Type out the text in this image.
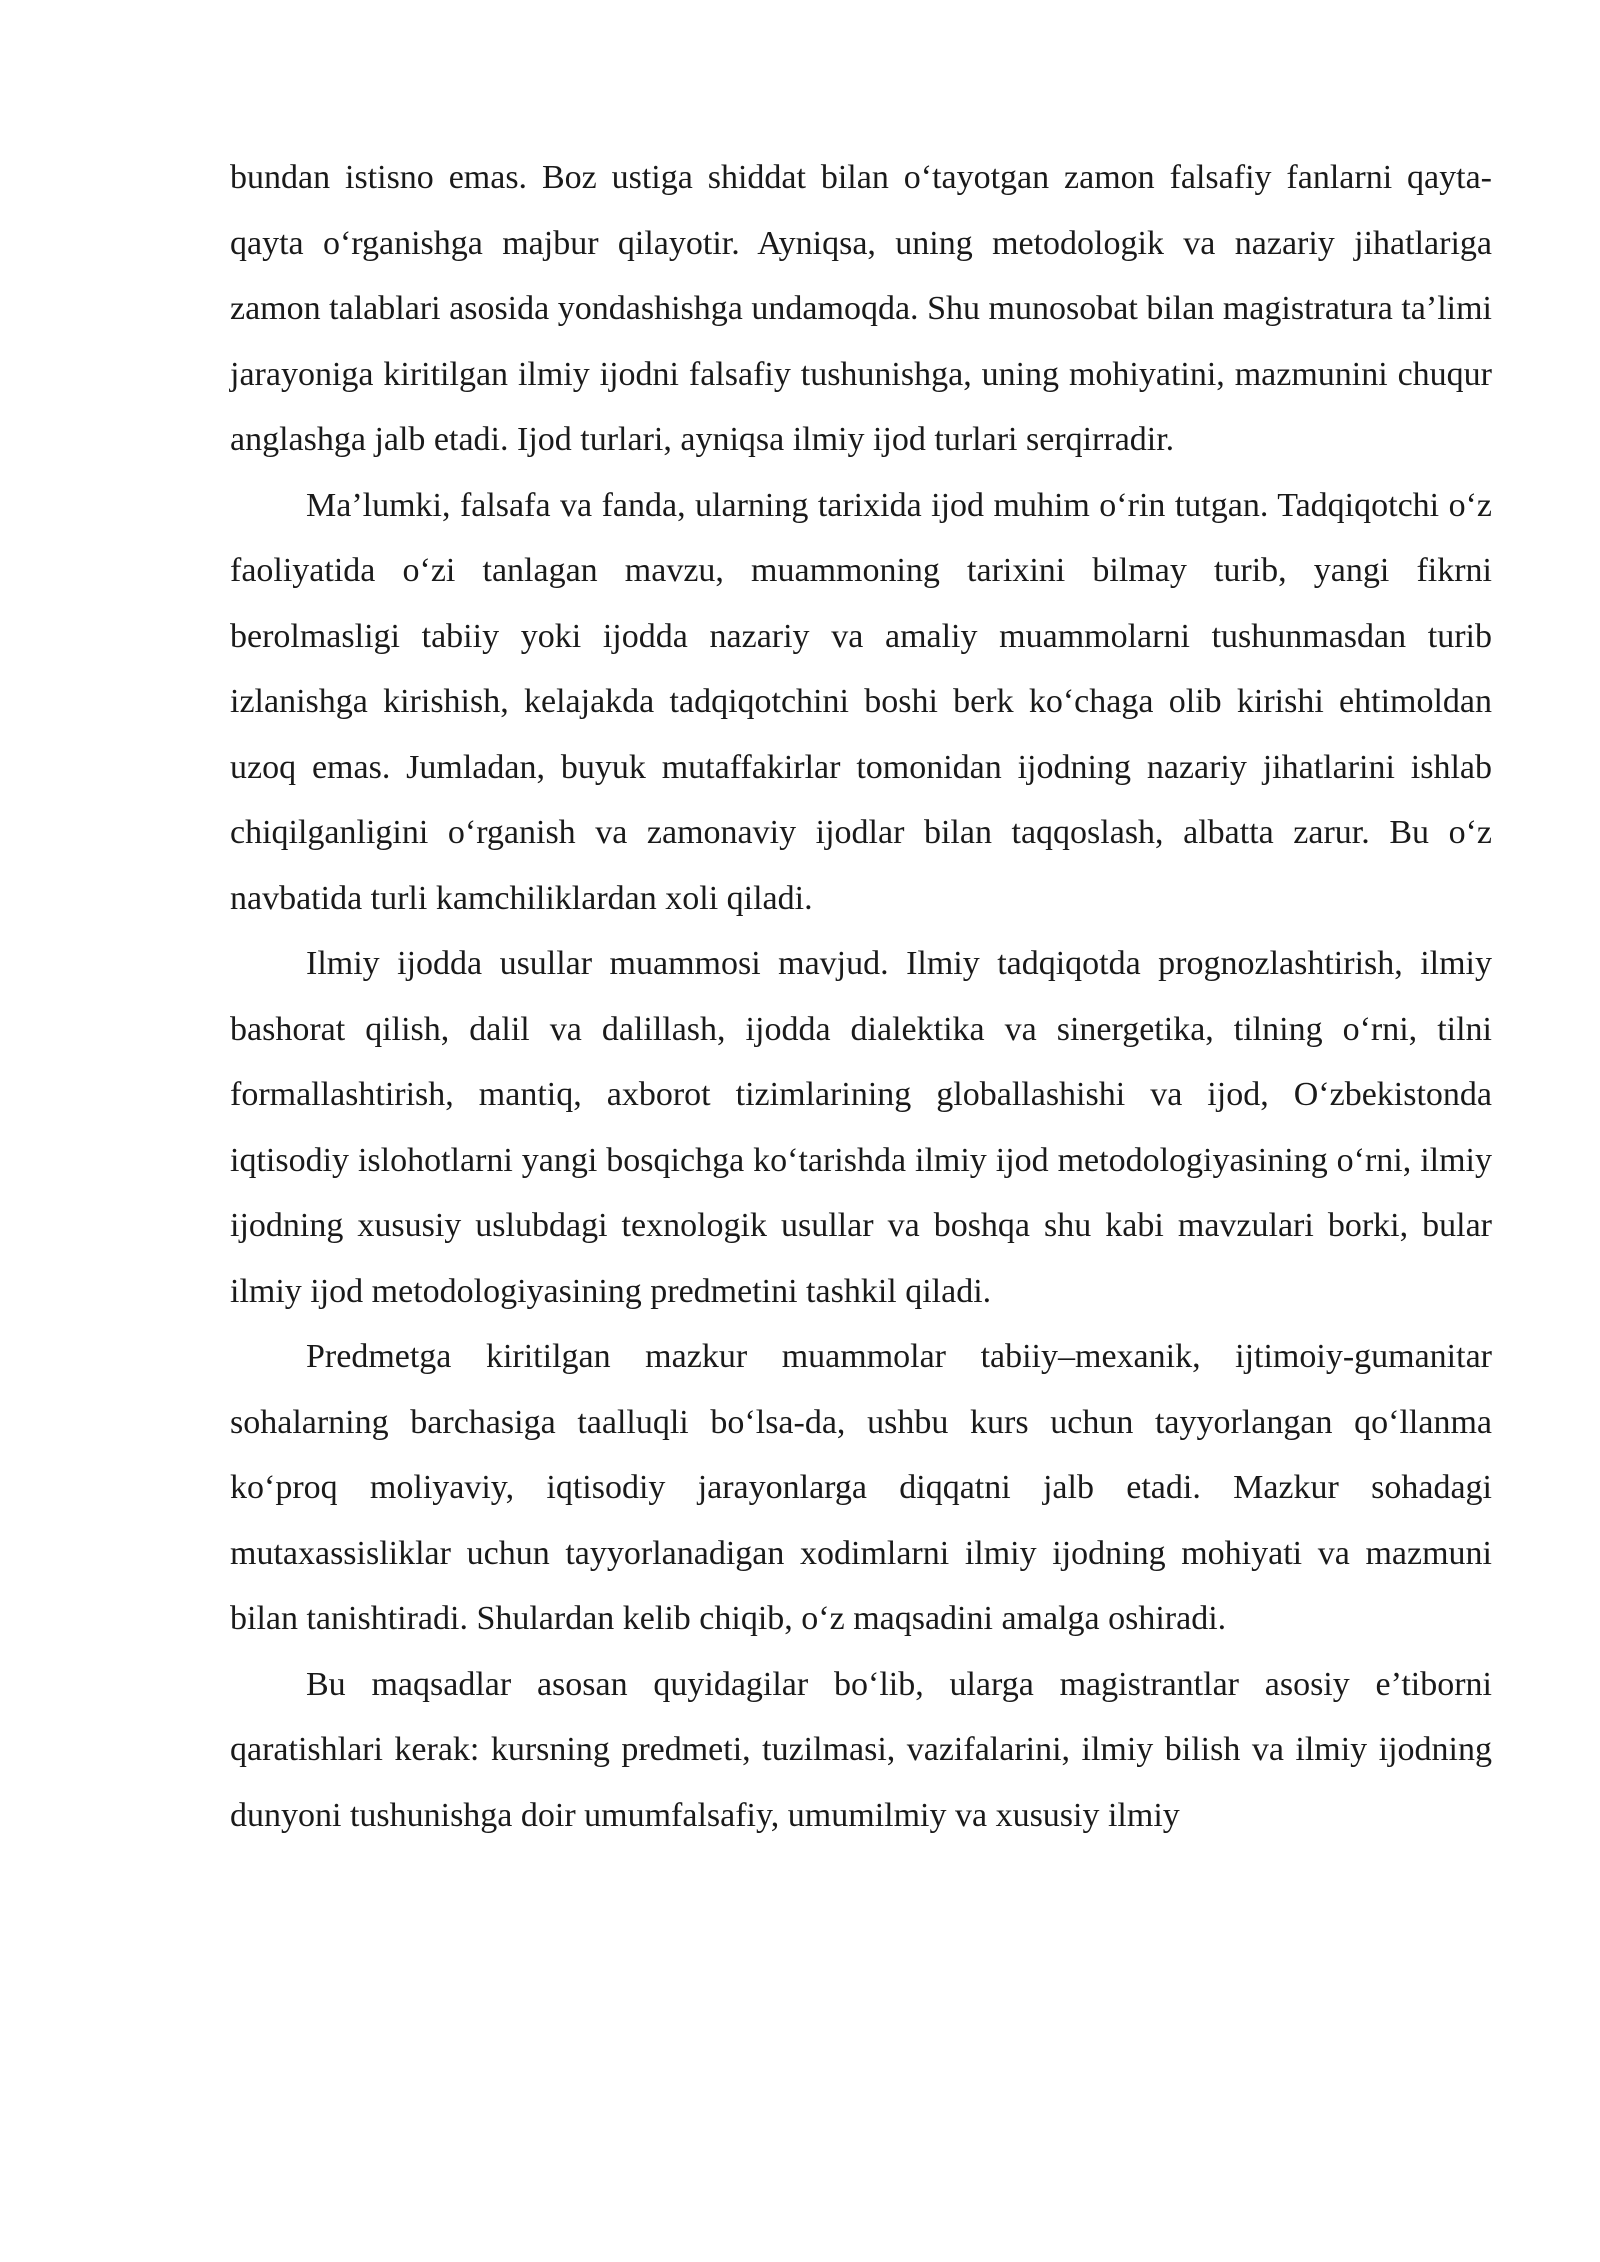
bundan istisno emas. Boz ustiga shiddat bilan o‘tayotgan zamon falsafiy fanlarni qayta-qayta o‘rganishga majbur qilayotir. Ayniqsa, uning metodologik va nazariy jihatlariga zamon talablari asosida yondashishga undamoqda. Shu munosobat bilan magistratura ta’limi jarayoniga kiritilgan ilmiy ijodni falsafiy tushunishga, uning mohiyatini, mazmunini chuqur anglashga jalb etadi. Ijod turlari, ayniqsa ilmiy ijod turlari serqirradir.

Ma’lumki, falsafa va fanda, ularning tarixida ijod muhim o‘rin tutgan. Tadqiqotchi o‘z faoliyatida o‘zi tanlagan mavzu, muammoning tarixini bilmay turib, yangi fikrni berolmasligi tabiiy yoki ijodda nazariy va amaliy muammolarni tushunmasdan turib izlanishga kirishish, kelajakda tadqiqotchini boshi berk ko‘chaga olib kirishi ehtimoldan uzoq emas. Jumladan, buyuk mutaffakirlar tomonidan ijodning nazariy jihatlarini ishlab chiqilganligini o‘rganish va zamonaviy ijodlar bilan taqqoslash, albatta zarur. Bu o‘z navbatida turli kamchiliklardan xoli qiladi.

Ilmiy ijodda usullar muammosi mavjud. Ilmiy tadqiqotda prognozlashtirish, ilmiy bashorat qilish, dalil va dalillash, ijodda dialektika va sinergetika, tilning o‘rni, tilni formallashtirish, mantiq, axborot tizimlarining globallashishi va ijod, O‘zbekistonda iqtisodiy islohotlarni yangi bosqichga ko‘tarishda ilmiy ijod metodologiyasining o‘rni, ilmiy ijodning xususiy uslubdagi texnologik usullar va boshqa shu kabi mavzulari borki, bular ilmiy ijod metodologiyasining predmetini tashkil qiladi.

Predmetga kiritilgan mazkur muammolar tabiiy–mexanik, ijtimoiy-gumanitar sohalarning barchasiga taalluqli bo‘lsa-da, ushbu kurs uchun tayyorlangan qo‘llanma ko‘proq moliyaviy, iqtisodiy jarayonlarga diqqatni jalb etadi. Mazkur sohadagi mutaxassisliklar uchun tayyorlanadigan xodimlarni ilmiy ijodning mohiyati va mazmuni bilan tanishtiradi. Shulardan kelib chiqib, o‘z maqsadini amalga oshiradi.

Bu maqsadlar asosan quyidagilar bo‘lib, ularga magistrantlar asosiy e’tiborni qaratishlari kerak: kursning predmeti, tuzilmasi, vazifalarini, ilmiy bilish va ilmiy ijodning dunyoni tushunishga doir umumfalsafiy, umumilmiy va xususiy ilmiy
